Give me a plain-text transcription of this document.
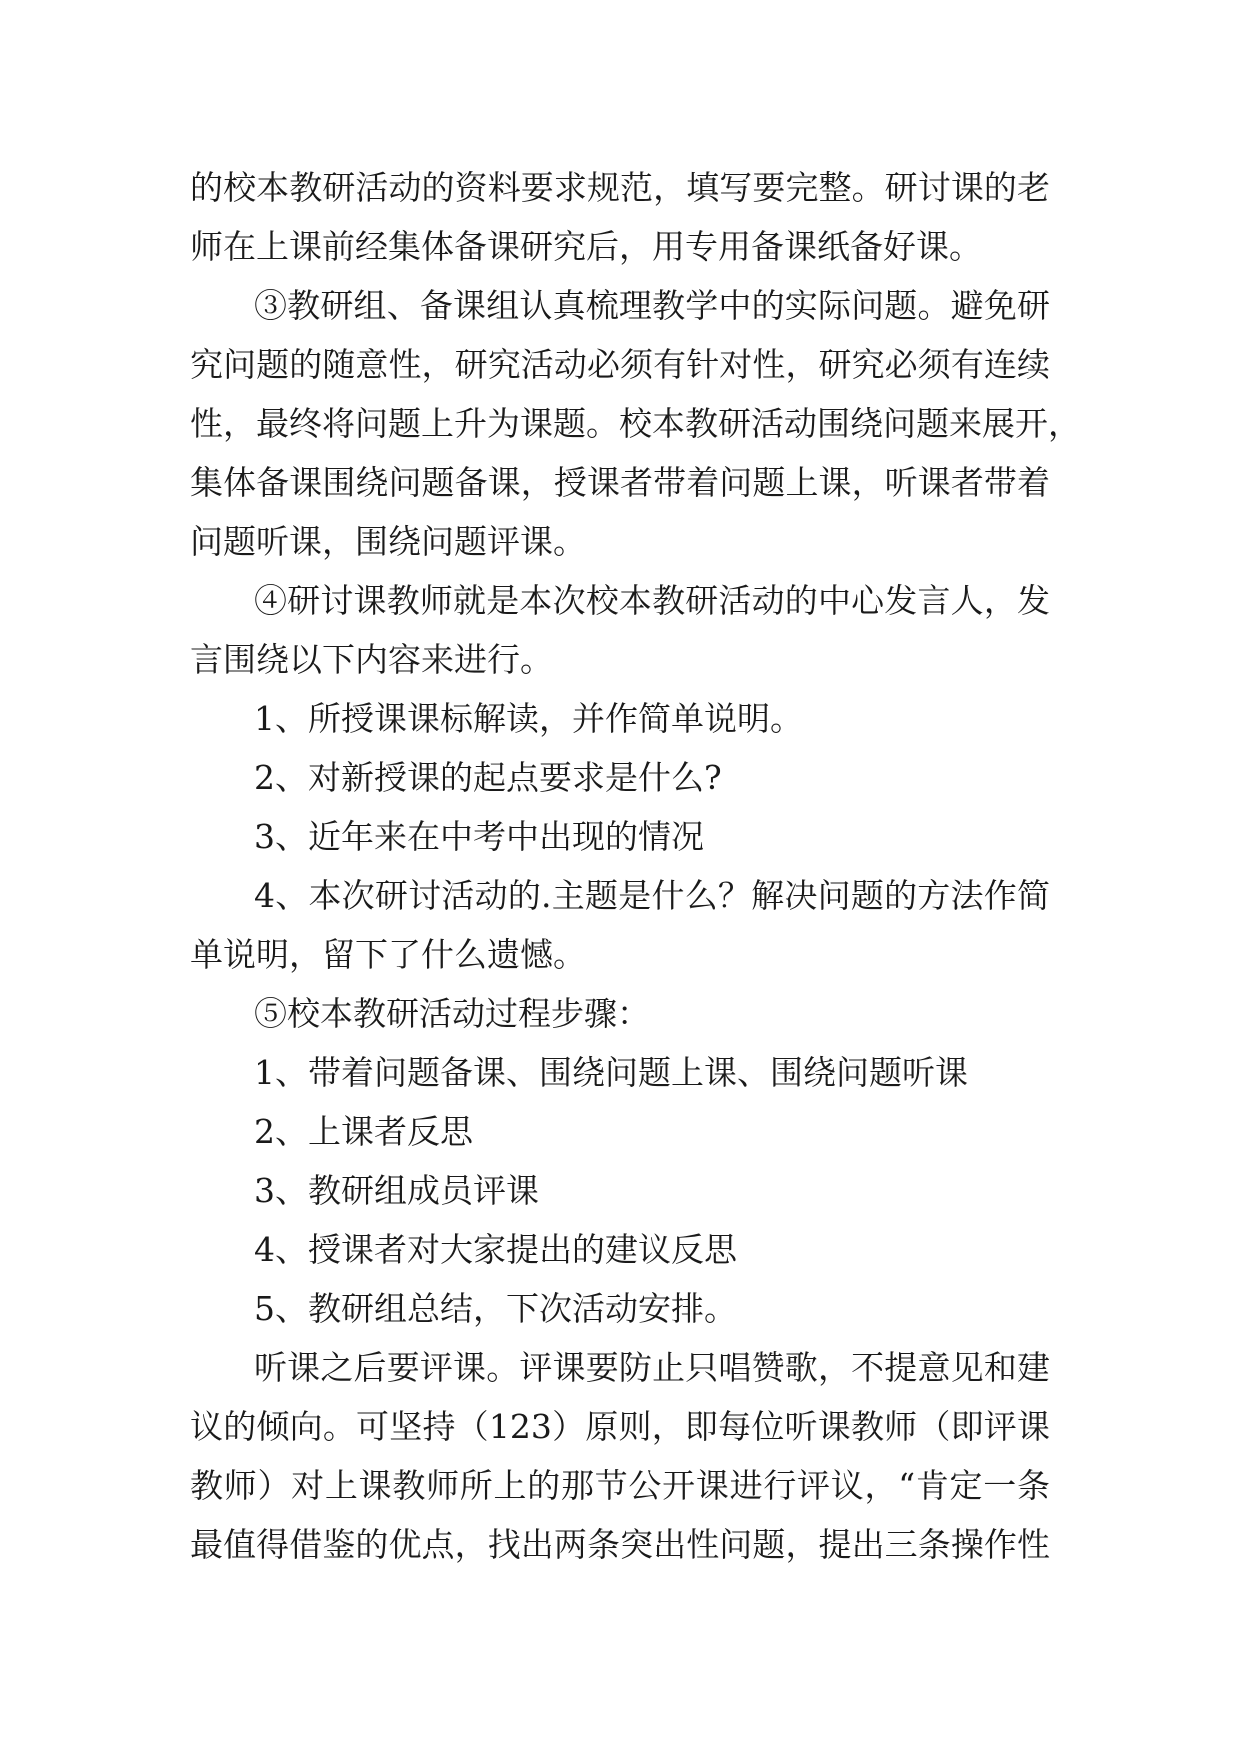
的校本教研活动的资料要求规范，填写要完整。研讨课的老
师在上课前经集体备课研究后，用专用备课纸备好课。
③教研组、备课组认真梳理教学中的实际问题。避免研
究问题的随意性，研究活动必须有针对性，研究必须有连续
性，最终将问题上升为课题。校本教研活动围绕问题来展开，
集体备课围绕问题备课，授课者带着问题上课，听课者带着
问题听课，围绕问题评课。
④研讨课教师就是本次校本教研活动的中心发言人，发
言围绕以下内容来进行。
1、所授课课标解读，并作简单说明。
2、对新授课的起点要求是什么?
3、近年来在中考中出现的情况
4、本次研讨活动的.主题是什么？解决问题的方法作简
单说明，留下了什么遗憾。
⑤校本教研活动过程步骤：
1、带着问题备课、围绕问题上课、围绕问题听课
2、上课者反思
3、教研组成员评课
4、授课者对大家提出的建议反思
5、教研组总结，下次活动安排。
听课之后要评课。评课要防止只唱赞歌，不提意见和建
议的倾向。可坚持（123）原则，即每位听课教师（即评课
教师）对上课教师所上的那节公开课进行评议，“肯定一条
最值得借鉴的优点，找出两条突出性问题，提出三条操作性
